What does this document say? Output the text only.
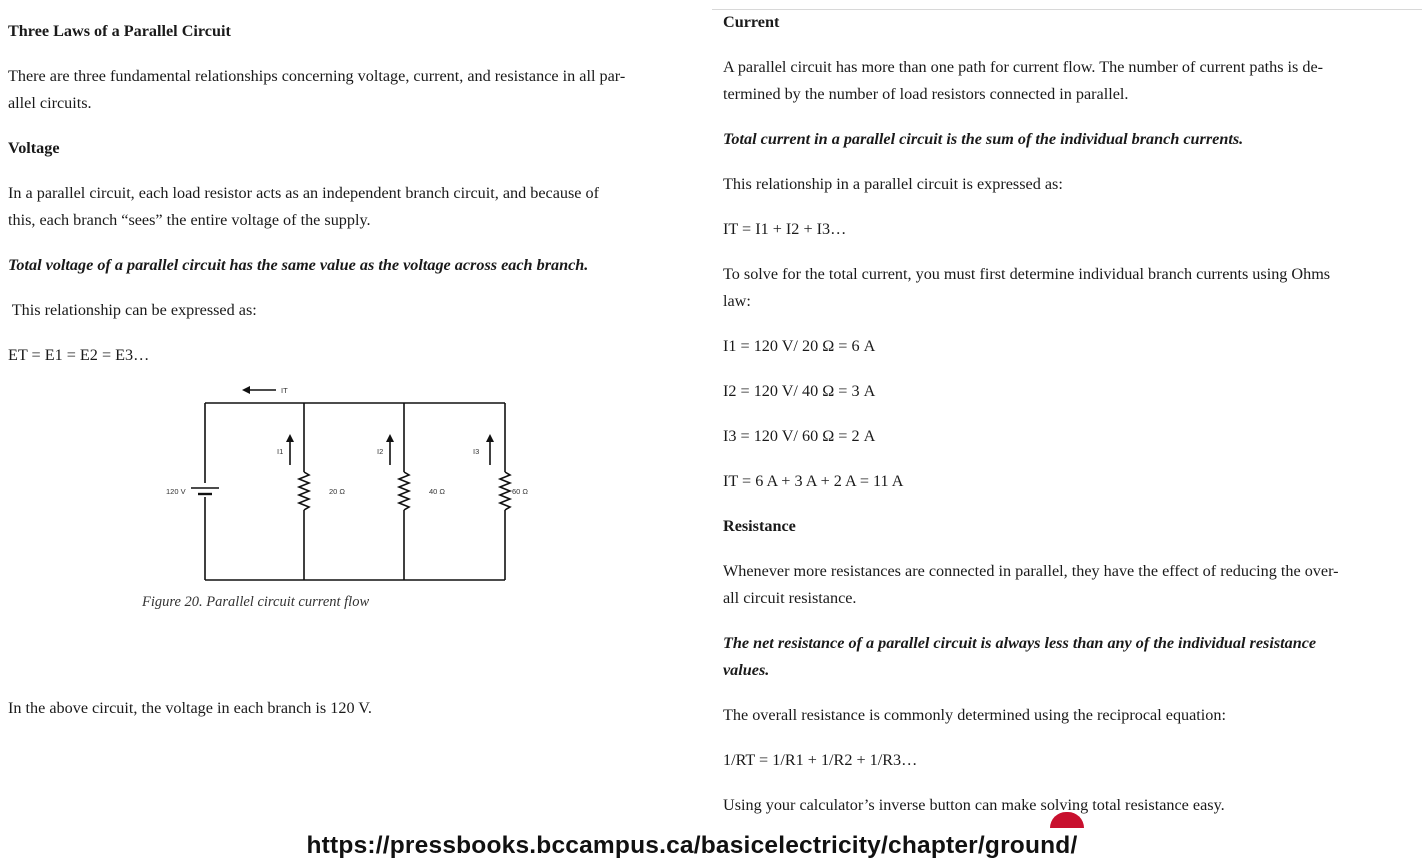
Three Laws of a Parallel Circuit

There are three fundamental relationships concerning voltage, current, and resistance in all par-

allel circuits.

Voltage

In a parallel circuit, each load resistor acts as an independent branch circuit, and because of

this, each branch “sees” the entire voltage of the supply.

Total voltage of a parallel circuit has the same value as the voltage across each branch.

This relationship can be expressed as:

ET = E1 = E2 = E3…

120 V
IT
I1	I2	I3
20 Ω	40 Ω	60 Ω

Figure 20. Parallel circuit current flow

In the above circuit, the voltage in each branch is 120 V.

Current

A parallel circuit has more than one path for current flow. The number of current paths is de-

termined by the number of load resistors connected in parallel.

Total current in a parallel circuit is the sum of the individual branch currents.

This relationship in a parallel circuit is expressed as:

IT = I1 + I2 + I3…

To solve for the total current, you must first determine individual branch currents using Ohms

law:

I1 = 120 V/ 20 Ω = 6 A

I2 = 120 V/ 40 Ω = 3 A

I3 = 120 V/ 60 Ω = 2 A

IT = 6 A + 3 A + 2 A = 11 A

Resistance

Whenever more resistances are connected in parallel, they have the effect of reducing the over-

all circuit resistance.

The net resistance of a parallel circuit is always less than any of the individual resistance

values.

The overall resistance is commonly determined using the reciprocal equation:

1/RT = 1/R1 + 1/R2 + 1/R3…

Using your calculator’s inverse button can make solving total resistance easy.

https://pressbooks.bccampus.ca/basicelectricity/chapter/ground/
